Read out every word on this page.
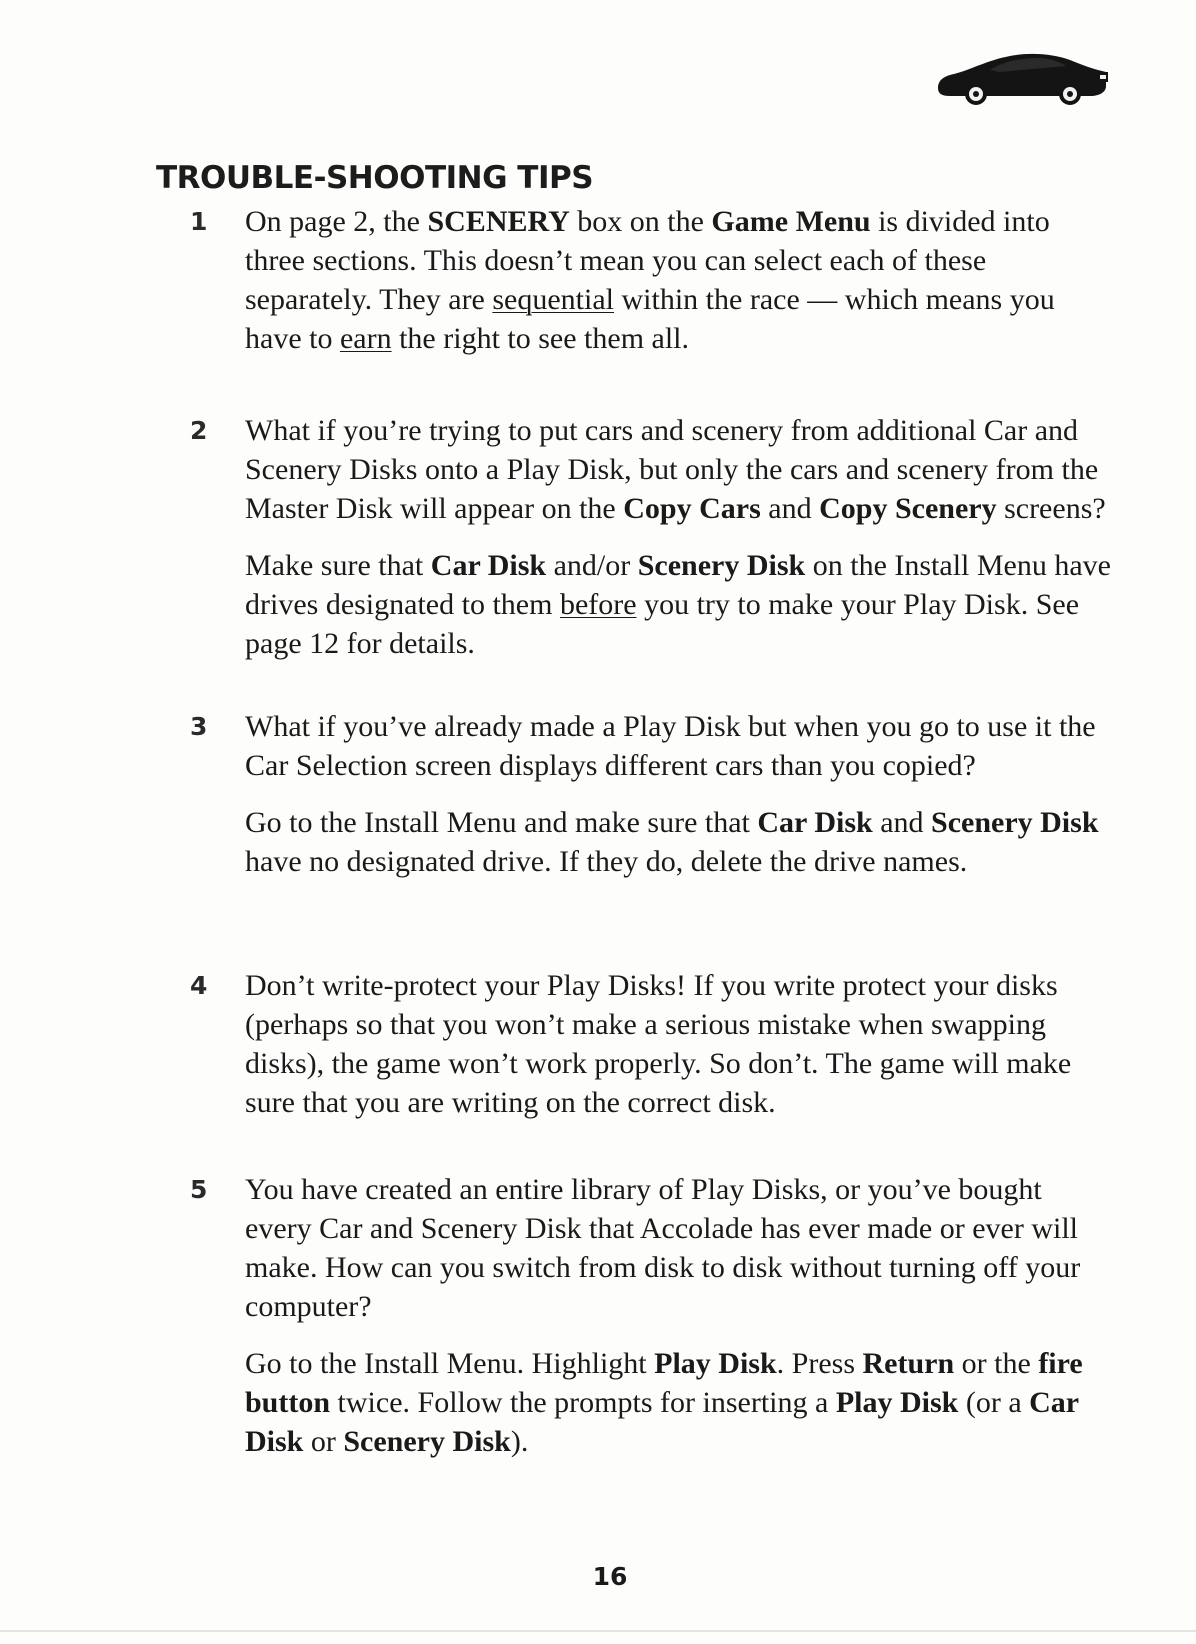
TROUBLE-SHOOTING TIPS
1	On page 2, the SCENERY box on the Game Menu is divided into three sections. This doesn’t mean you can select each of these separately. They are sequential within the race — which means you have to earn the right to see them all.

2	What if you’re trying to put cars and scenery from additional Car and Scenery Disks onto a Play Disk, but only the cars and scenery from the Master Disk will appear on the Copy Cars and Copy Scenery screens?

Make sure that Car Disk and/or Scenery Disk on the Install Menu have drives designated to them before you try to make your Play Disk. See page 12 for details.

3	What if you’ve already made a Play Disk but when you go to use it the Car Selection screen displays different cars than you copied?

Go to the Install Menu and make sure that Car Disk and Scenery Disk have no designated drive. If they do, delete the drive names.

4	Don’t write-protect your Play Disks! If you write protect your disks (perhaps so that you won’t make a serious mistake when swapping disks), the game won’t work properly. So don’t. The game will make sure that you are writing on the correct disk.

5	You have created an entire library of Play Disks, or you’ve bought every Car and Scenery Disk that Accolade has ever made or ever will make. How can you switch from disk to disk without turning off your computer?

Go to the Install Menu. Highlight Play Disk. Press Return or the fire button twice. Follow the prompts for inserting a Play Disk (or a Car Disk or Scenery Disk).

16
